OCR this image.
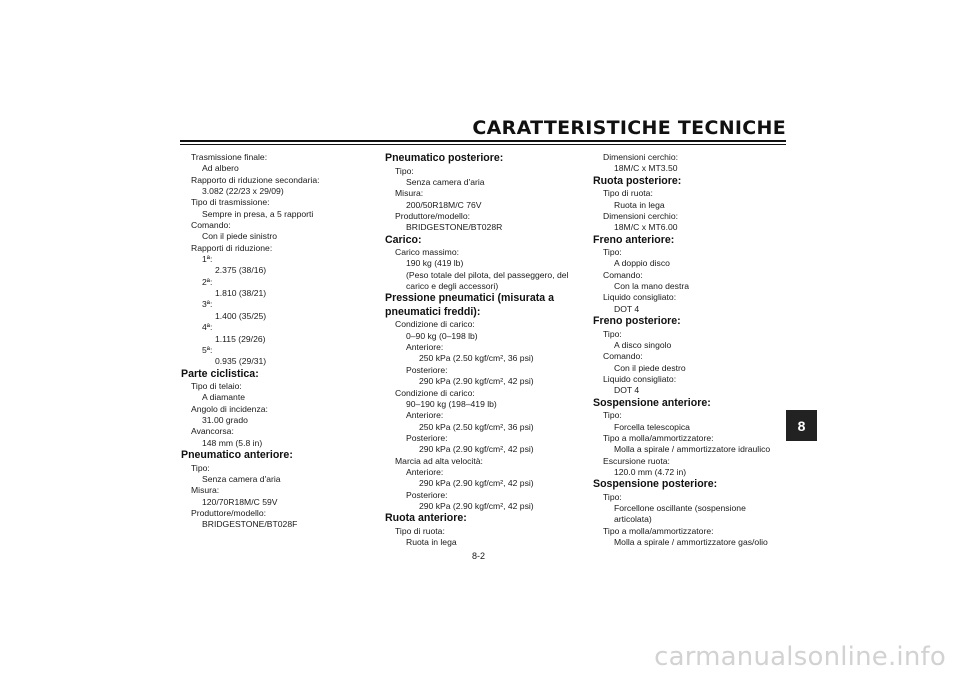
CARATTERISTICHE TECNICHE
Trasmissione finale:
Ad albero
Rapporto di riduzione secondaria:
3.082 (22/23 x 29/09)
Tipo di trasmissione:
Sempre in presa, a 5 rapporti
Comando:
Con il piede sinistro
Rapporti di riduzione:
1ª:
2.375 (38/16)
2ª:
1.810 (38/21)
3ª:
1.400 (35/25)
4ª:
1.115 (29/26)
5ª:
0.935 (29/31)
Parte ciclistica:
Tipo di telaio:
A diamante
Angolo di incidenza:
31.00 grado
Avancorsa:
148 mm (5.8 in)
Pneumatico anteriore:
Tipo:
Senza camera d'aria
Misura:
120/70R18M/C 59V
Produttore/modello:
BRIDGESTONE/BT028F
Pneumatico posteriore:
Tipo:
Senza camera d'aria
Misura:
200/50R18M/C 76V
Produttore/modello:
BRIDGESTONE/BT028R
Carico:
Carico massimo:
190 kg (419 lb)
(Peso totale del pilota, del passeggero, del
carico e degli accessori)
Pressione pneumatici (misurata a
pneumatici freddi):
Condizione di carico:
0–90 kg (0–198 lb)
Anteriore:
250 kPa (2.50 kgf/cm², 36 psi)
Posteriore:
290 kPa (2.90 kgf/cm², 42 psi)
Condizione di carico:
90–190 kg (198–419 lb)
Anteriore:
250 kPa (2.50 kgf/cm², 36 psi)
Posteriore:
290 kPa (2.90 kgf/cm², 42 psi)
Marcia ad alta velocità:
Anteriore:
290 kPa (2.90 kgf/cm², 42 psi)
Posteriore:
290 kPa (2.90 kgf/cm², 42 psi)
Ruota anteriore:
Tipo di ruota:
Ruota in lega
Dimensioni cerchio:
18M/C x MT3.50
Ruota posteriore:
Tipo di ruota:
Ruota in lega
Dimensioni cerchio:
18M/C x MT6.00
Freno anteriore:
Tipo:
A doppio disco
Comando:
Con la mano destra
Liquido consigliato:
DOT 4
Freno posteriore:
Tipo:
A disco singolo
Comando:
Con il piede destro
Liquido consigliato:
DOT 4
Sospensione anteriore:
Tipo:
Forcella telescopica
Tipo a molla/ammortizzatore:
Molla a spirale / ammortizzatore idraulico
Escursione ruota:
120.0 mm (4.72 in)
Sospensione posteriore:
Tipo:
Forcellone oscillante (sospensione
articolata)
Tipo a molla/ammortizzatore:
Molla a spirale / ammortizzatore gas/olio
8-2
8
carmanualsonline.info
